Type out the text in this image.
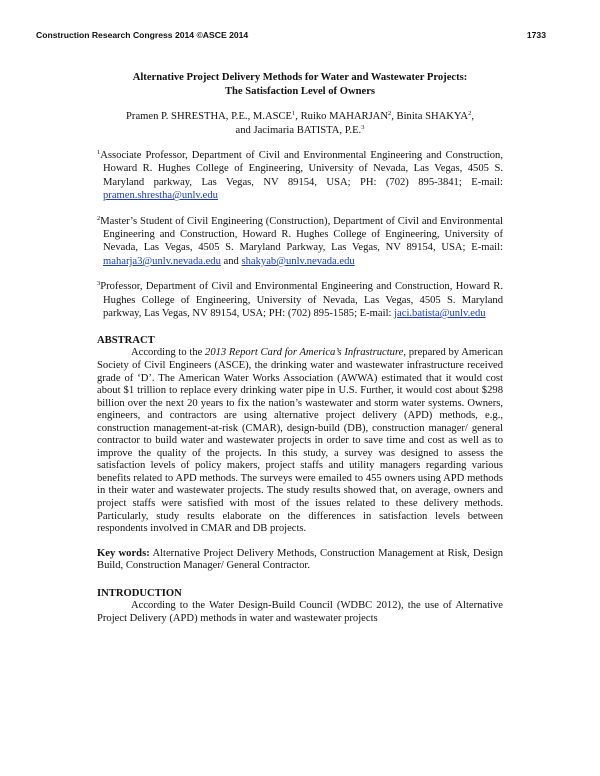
Construction Research Congress 2014 ©ASCE 2014	1733
Alternative Project Delivery Methods for Water and Wastewater Projects:
The Satisfaction Level of Owners
Pramen P. SHRESTHA, P.E., M.ASCE$^1$, Ruiko MAHARJAN$^2$, Binita SHAKYA$^2$,
and Jacimaria BATISTA, P.E.$^3$
$^1$Associate Professor, Department of Civil and Environmental Engineering and Construction, Howard R. Hughes College of Engineering, University of Nevada, Las Vegas, 4505 S. Maryland parkway, Las Vegas, NV 89154, USA; PH: (702) 895-3841; E-mail: pramen.shrestha@unlv.edu
$^2$Master’s Student of Civil Engineering (Construction), Department of Civil and Environmental Engineering and Construction, Howard R. Hughes College of Engineering, University of Nevada, Las Vegas, 4505 S. Maryland Parkway, Las Vegas, NV 89154, USA; E-mail: maharja3@unlv.nevada.edu and shakyab@unlv.nevada.edu
$^3$Professor, Department of Civil and Environmental Engineering and Construction, Howard R. Hughes College of Engineering, University of Nevada, Las Vegas, 4505 S. Maryland parkway, Las Vegas, NV 89154, USA; PH: (702) 895-1585; E-mail: jaci.batista@unlv.edu
ABSTRACT

According to the 2013 Report Card for America’s Infrastructure, prepared by American Society of Civil Engineers (ASCE), the drinking water and wastewater infrastructure received grade of ‘D’. The American Water Works Association (AWWA) estimated that it would cost about $1 trillion to replace every drinking water pipe in U.S. Further, it would cost about $298 billion over the next 20 years to fix the nation’s wastewater and storm water systems. Owners, engineers, and contractors are using alternative project delivery (APD) methods, e.g., construction management-at-risk (CMAR), design-build (DB), construction manager/ general contractor to build water and wastewater projects in order to save time and cost as well as to improve the quality of the projects. In this study, a survey was designed to assess the satisfaction levels of policy makers, project staffs and utility managers regarding various benefits related to APD methods. The surveys were emailed to 455 owners using APD methods in their water and wastewater projects. The study results showed that, on average, owners and project staffs were satisfied with most of the issues related to these delivery methods. Particularly, study results elaborate on the differences in satisfaction levels between respondents involved in CMAR and DB projects.

Key words: Alternative Project Delivery Methods, Construction Management at Risk, Design Build, Construction Manager/ General Contractor.
INTRODUCTION
According to the Water Design-Build Council (WDBC 2012), the use of Alternative Project Delivery (APD) methods in water and wastewater projects
